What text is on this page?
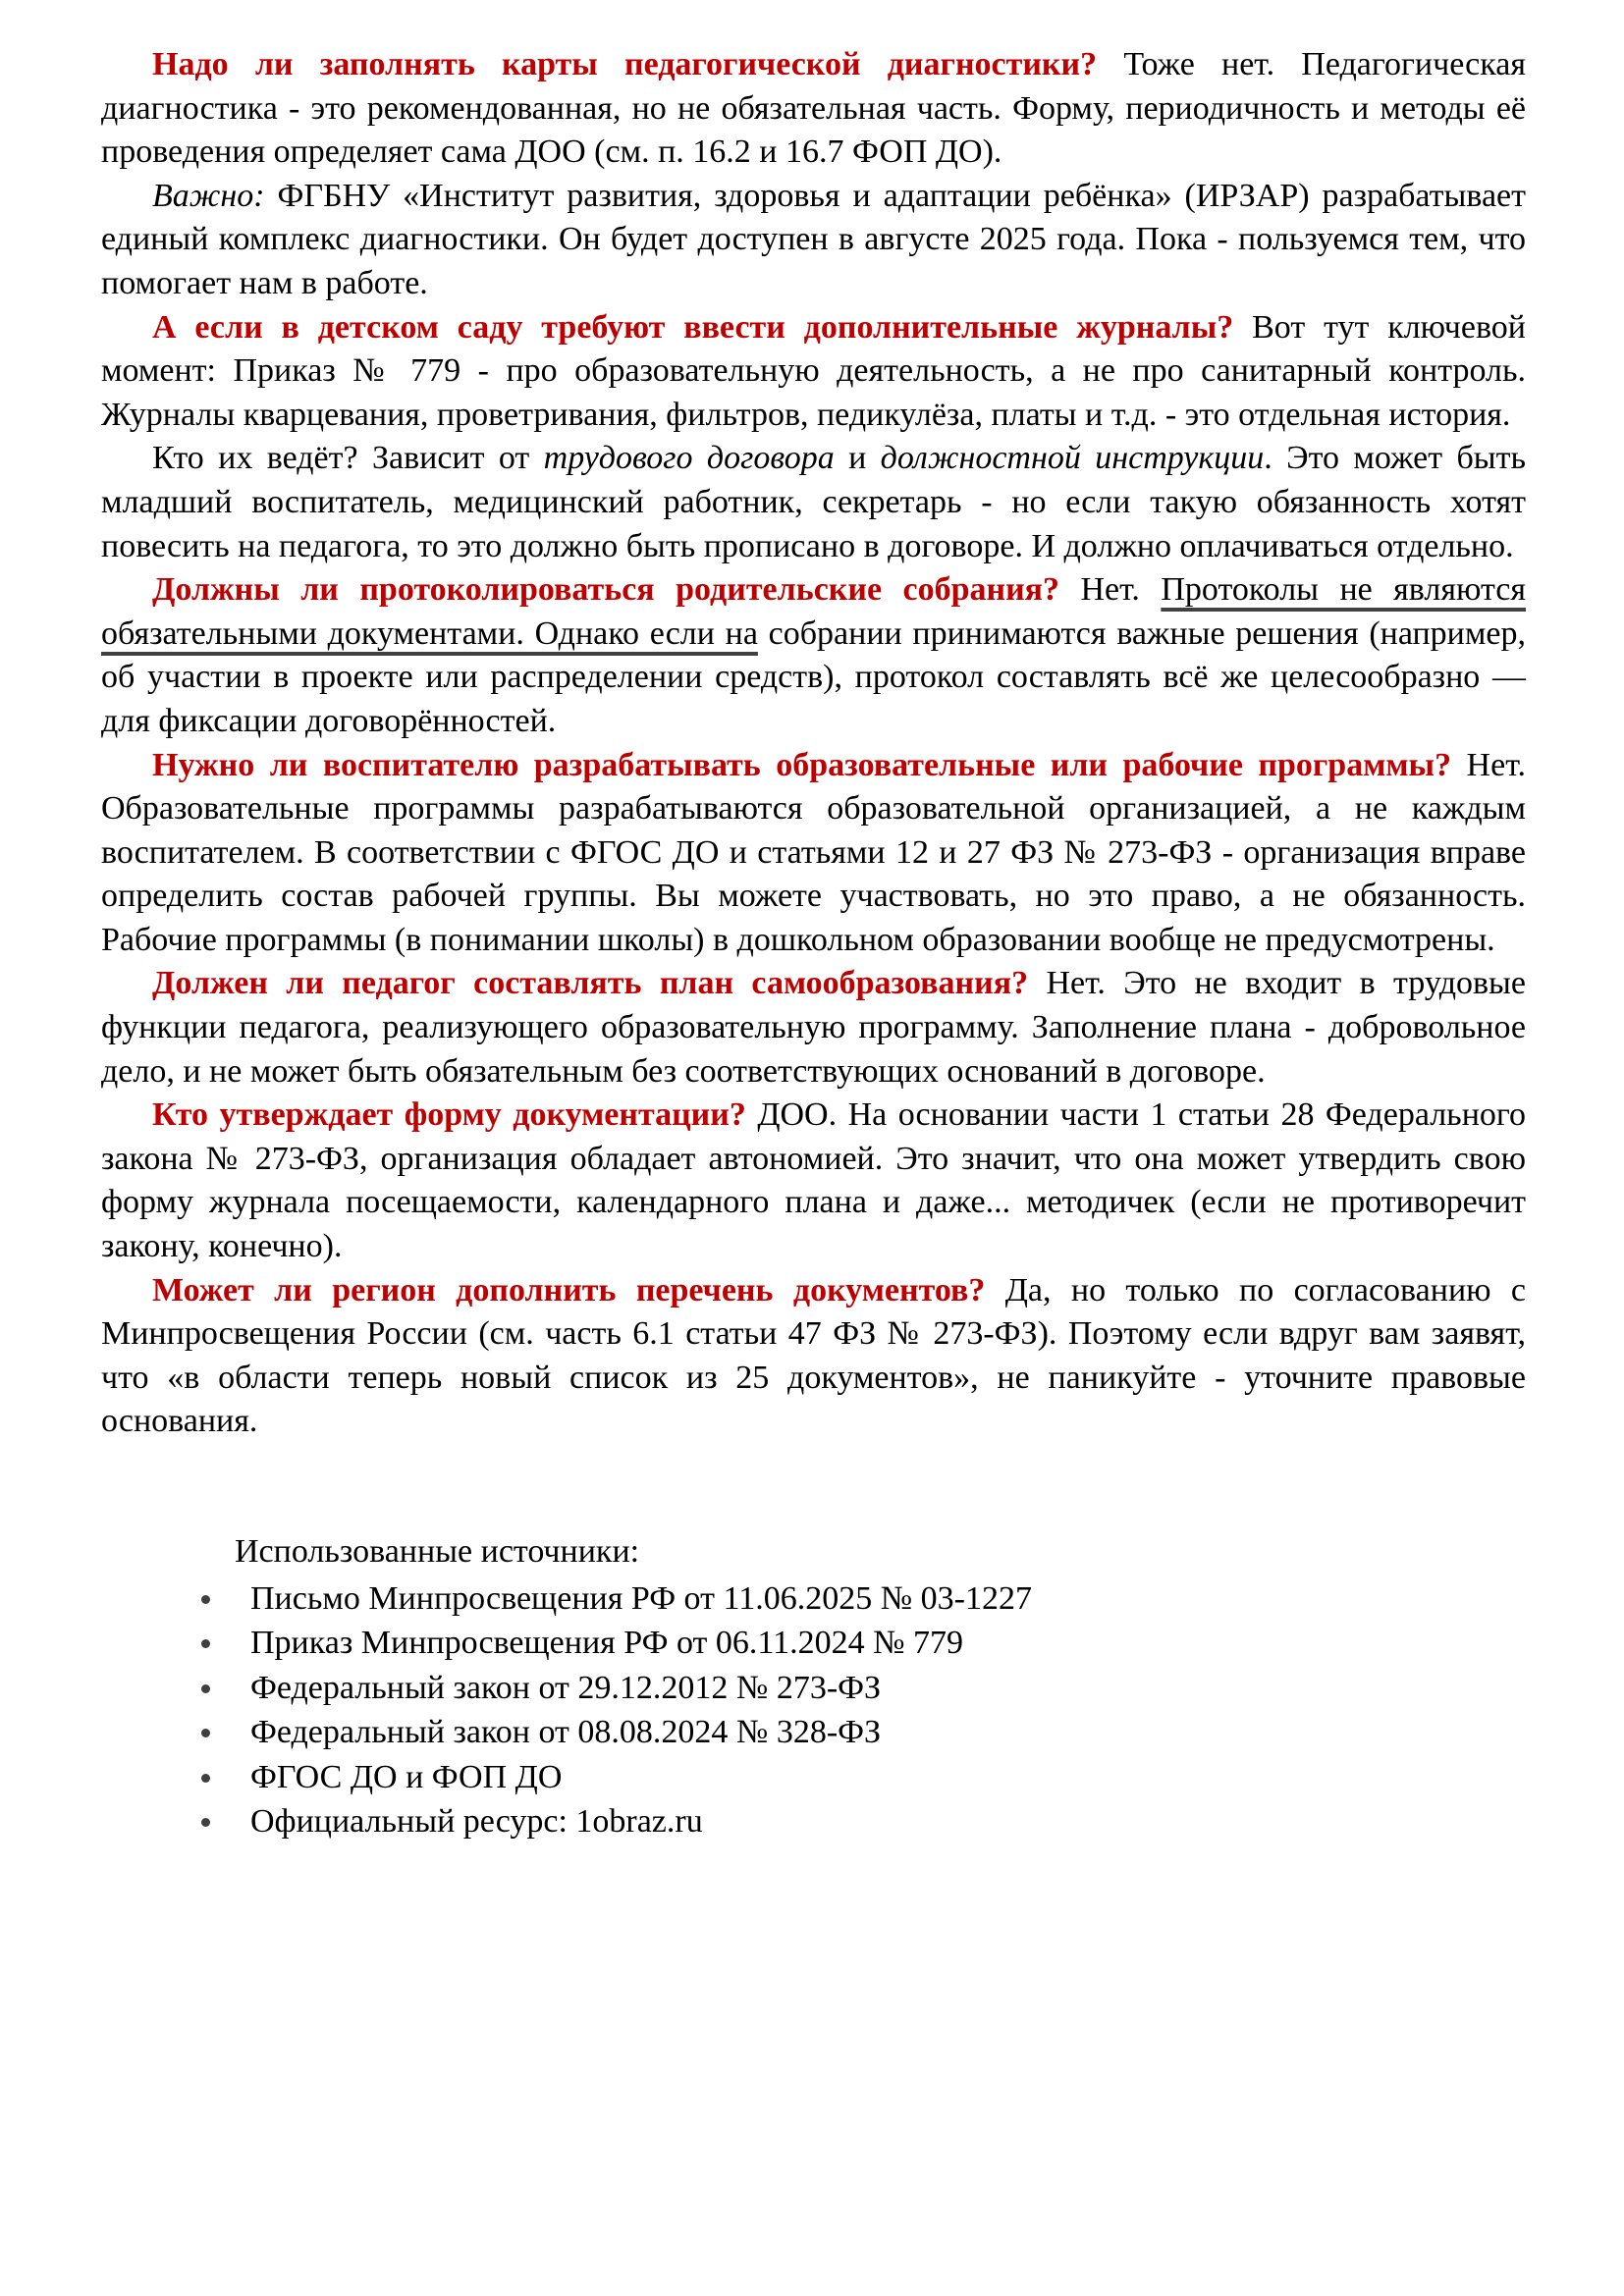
Надо ли заполнять карты педагогической диагностики? Тоже нет. Педагогическая диагностика - это рекомендованная, но не обязательная часть. Форму, периодичность и методы её проведения определяет сама ДОО (см. п. 16.2 и 16.7 ФОП ДО).

Важно: ФГБНУ «Институт развития, здоровья и адаптации ребёнка» (ИРЗАР) разрабатывает единый комплекс диагностики. Он будет доступен в августе 2025 года. Пока - пользуемся тем, что помогает нам в работе.

А если в детском саду требуют ввести дополнительные журналы? Вот тут ключевой момент: Приказ № 779 - про образовательную деятельность, а не про санитарный контроль. Журналы кварцевания, проветривания, фильтров, педикулёза, платы и т.д. - это отдельная история.

Кто их ведёт? Зависит от трудового договора и должностной инструкции. Это может быть младший воспитатель, медицинский работник, секретарь - но если такую обязанность хотят повесить на педагога, то это должно быть прописано в договоре. И должно оплачиваться отдельно.

Должны ли протоколироваться родительские собрания? Нет. Протоколы не являются обязательными документами. Однако если на собрании принимаются важные решения (например, об участии в проекте или распределении средств), протокол составлять всё же целесообразно — для фиксации договорённостей.

Нужно ли воспитателю разрабатывать образовательные или рабочие программы? Нет. Образовательные программы разрабатываются образовательной организацией, а не каждым воспитателем. В соответствии с ФГОС ДО и статьями 12 и 27 ФЗ № 273-ФЗ - организация вправе определить состав рабочей группы. Вы можете участвовать, но это право, а не обязанность. Рабочие программы (в понимании школы) в дошкольном образовании вообще не предусмотрены.

Должен ли педагог составлять план самообразования? Нет. Это не входит в трудовые функции педагога, реализующего образовательную программу. Заполнение плана - добровольное дело, и не может быть обязательным без соответствующих оснований в договоре.

Кто утверждает форму документации? ДОО. На основании части 1 статьи 28 Федерального закона № 273-ФЗ, организация обладает автономией. Это значит, что она может утвердить свою форму журнала посещаемости, календарного плана и даже... методичек (если не противоречит закону, конечно).

Может ли регион дополнить перечень документов? Да, но только по согласованию с Минпросвещения России (см. часть 6.1 статьи 47 ФЗ № 273-ФЗ). Поэтому если вдруг вам заявят, что «в области теперь новый список из 25 документов», не паникуйте - уточните правовые основания.

Использованные источники:

Письмо Минпросвещения РФ от 11.06.2025 № 03-1227
Приказ Минпросвещения РФ от 06.11.2024 № 779
Федеральный закон от 29.12.2012 № 273-ФЗ
Федеральный закон от 08.08.2024 № 328-ФЗ
ФГОС ДО и ФОП ДО
Официальный ресурс: 1obraz.ru
